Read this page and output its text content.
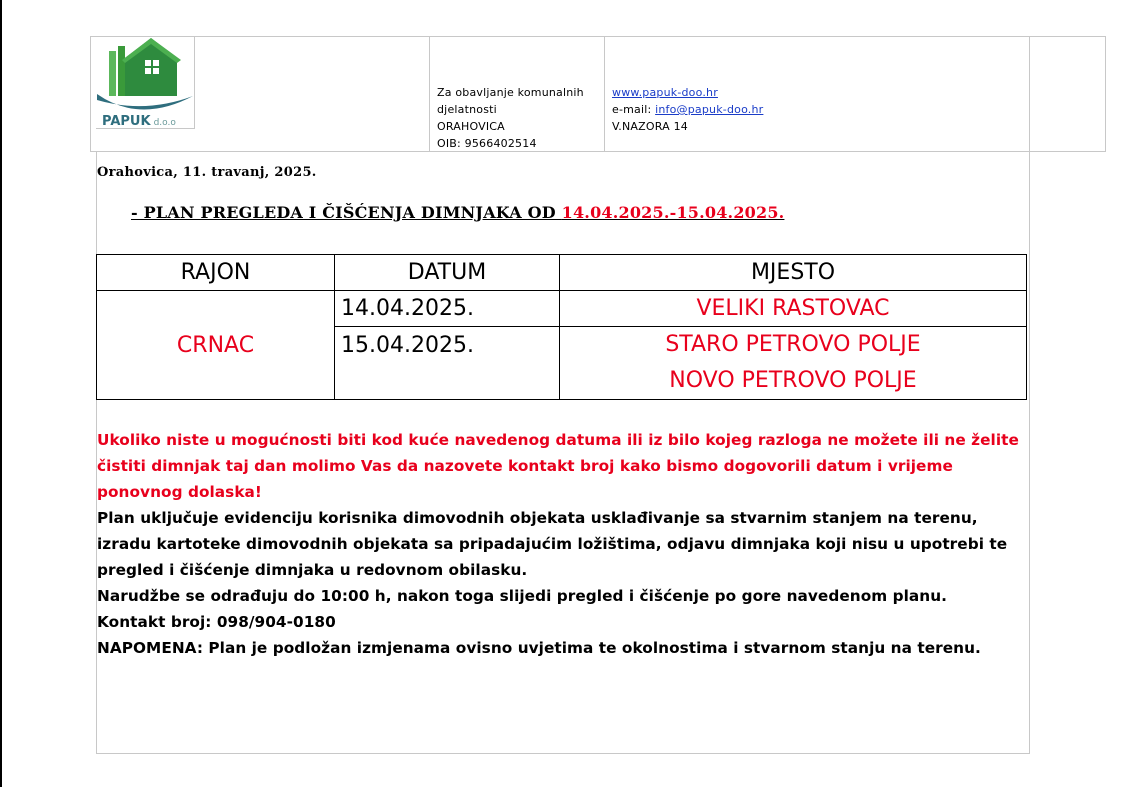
PAPUK d.o.o
Za obavljanje komunalnih
djelatnosti
ORAHOVICA
OIB: 9566402514
www.papuk-doo.hr
e-mail: info@papuk-doo.hr
V.NAZORA 14
Orahovica, 11. travanj, 2025.
- PLAN PREGLEDA I ČIŠĆENJA DIMNJAKA OD 14.04.2025.-15.04.2025.
RAJON	DATUM	MJESTO
CRNAC	14.04.2025.	VELIKI RASTOVAC
	15.04.2025.	STARO PETROVO POLJE
NOVO PETROVO POLJE

Ukoliko niste u mogućnosti biti kod kuće navedenog datuma ili iz bilo kojeg razloga ne možete ili ne želite čistiti dimnjak taj dan molimo Vas da nazovete kontakt broj kako bismo dogovorili datum i vrijeme ponovnog dolaska!

Plan uključuje evidenciju korisnika dimovodnih objekata usklađivanje sa stvarnim stanjem na terenu, izradu kartoteke dimovodnih objekata sa pripadajućim ložištima, odjavu dimnjaka koji nisu u upotrebi te pregled i čišćenje dimnjaka u redovnom obilasku.

Narudžbe se odrađuju do 10:00 h, nakon toga slijedi pregled i čišćenje po gore navedenom planu.

Kontakt broj: 098/904-0180

NAPOMENA: Plan je podložan izmjenama ovisno uvjetima te okolnostima i stvarnom stanju na terenu.
